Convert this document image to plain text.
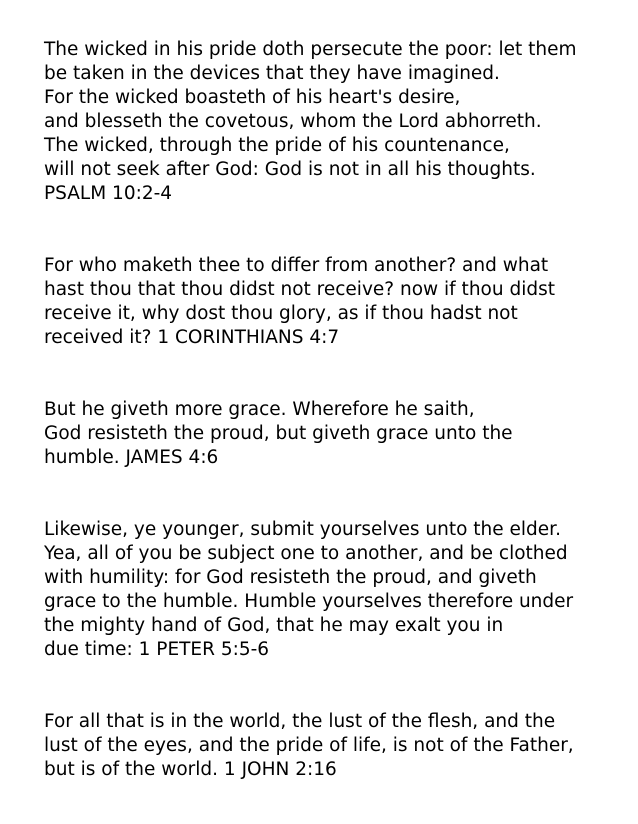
The wicked in his pride doth persecute the poor: let them
be taken in the devices that they have imagined.
For the wicked boasteth of his heart's desire,
and blesseth the covetous, whom the Lord abhorreth.
The wicked, through the pride of his countenance,
will not seek after God: God is not in all his thoughts.
PSALM 10:2-4

For who maketh thee to differ from another? and what
hast thou that thou didst not receive? now if thou didst
receive it, why dost thou glory, as if thou hadst not
received it? 1 CORINTHIANS 4:7

But he giveth more grace. Wherefore he saith,
God resisteth the proud, but giveth grace unto the
humble. JAMES 4:6

Likewise, ye younger, submit yourselves unto the elder.
Yea, all of you be subject one to another, and be clothed
with humility: for God resisteth the proud, and giveth
grace to the humble. Humble yourselves therefore under
the mighty hand of God, that he may exalt you in
due time: 1 PETER 5:5-6

For all that is in the world, the lust of the flesh, and the
lust of the eyes, and the pride of life, is not of the Father,
but is of the world. 1 JOHN 2:16
